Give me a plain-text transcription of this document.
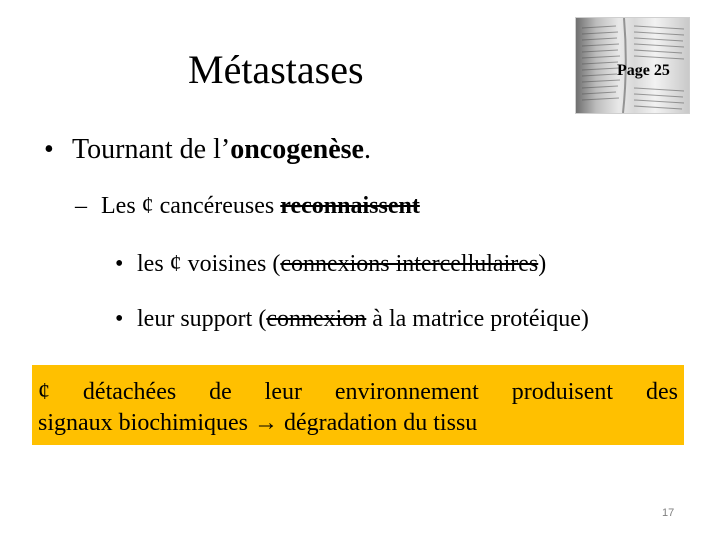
Métastases	Page 25
• Tournant de l’oncogenèse.
– Les ¢ cancéreuses reconnaissent
• les ¢ voisines (connexions intercellulaires)
• leur support (connexion à la matrice protéique)
¢ détachées de leur environnement produisent des
signaux biochimiques → dégradation du tissu
17
